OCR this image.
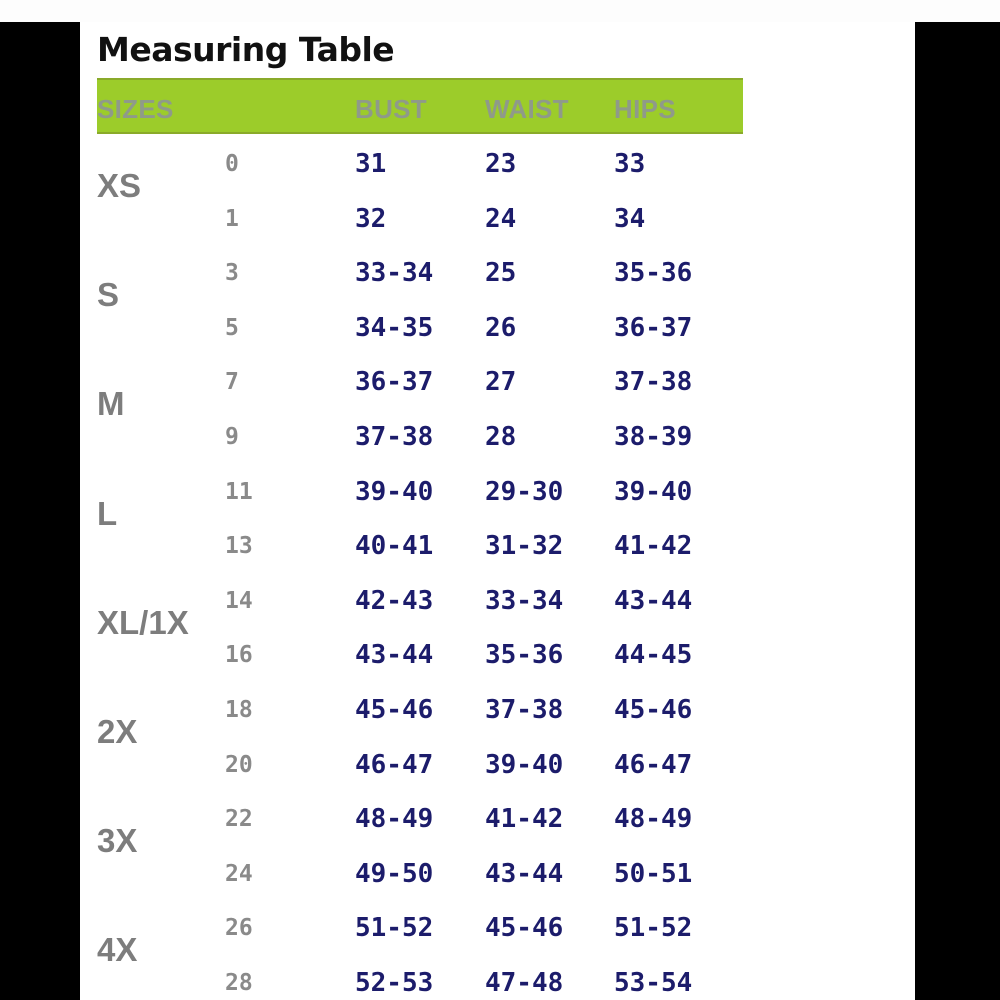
Measuring Table
SIZES	BUST WAIST HIPS
XS
0	31	23	33
1	32	24	34
S
3	33-34 25	35-36
5	34-35 26	36-37
M
7	36-37 27	37-38
9	37-38 28	38-39
L
11	39-40 29-30 39-40
13	40-41 31-32 41-42
XL/1X
14	42-43 33-34 43-44
16	43-44 35-36 44-45
2X
18	45-46 37-38 45-46
20	46-47 39-40 46-47
3X
22	48-49 41-42 48-49
24	49-50 43-44 50-51
4X
26	51-52 45-46 51-52
28	52-53 47-48 53-54
